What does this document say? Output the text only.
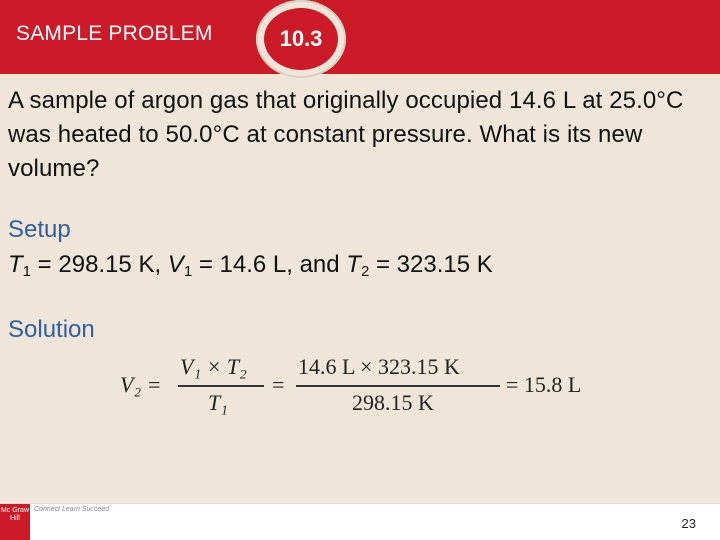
SAMPLE PROBLEM	10.3
A sample of argon gas that originally occupied 14.6 L at 25.0°C was heated to 50.0°C at constant pressure. What is its new volume?
Setup
$T_1 = 298.15$ K, $V_1 = 14.6$ L, and $T_2 = 323.15$ K
Solution
V₂ =
V₁ × T₂
T₁
=
14.6 L × 323.15 K
298.15 K
= 15.8 L
Mc Graw Hill
Connect Learn Succeed
23
